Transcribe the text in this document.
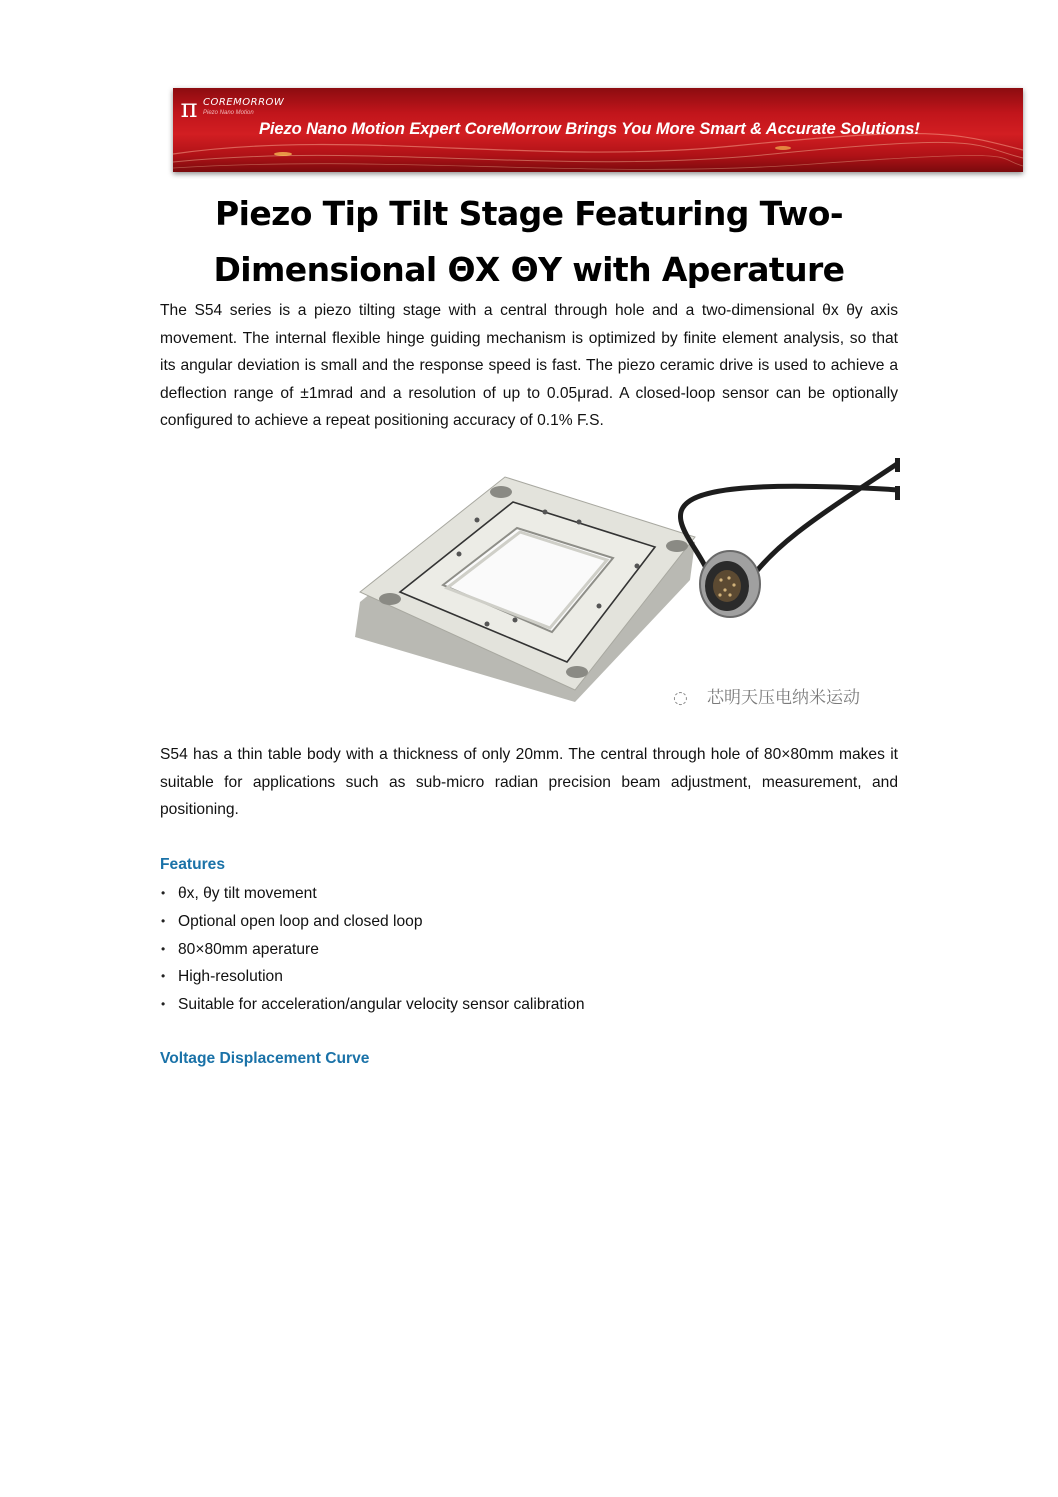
π COREMORROW
Piezo Nano Motion
Piezo Nano Motion Expert CoreMorrow Brings You More Smart & Accurate Solutions!
Piezo Tip Tilt Stage Featuring Two-Dimensional ΘX ΘY with Aperature

The S54 series is a piezo tilting stage with a central through hole and a two-dimensional θx θy axis movement. The internal flexible hinge guiding mechanism is optimized by finite element analysis, so that its angular deviation is small and the response speed is fast. The piezo ceramic drive is used to achieve a deflection range of ±1mrad and a resolution of up to 0.05μrad. A closed-loop sensor can be optionally configured to achieve a repeat positioning accuracy of 0.1% F.S.

◌ 芯明天压电纳米运动

S54 has a thin table body with a thickness of only 20mm. The central through hole of 80×80mm makes it suitable for applications such as sub-micro radian precision beam adjustment, measurement, and positioning.

Features
• θx, θy tilt movement
• Optional open loop and closed loop
• 80×80mm aperature
• High-resolution
• Suitable for acceleration/angular velocity sensor calibration
Voltage Displacement Curve
